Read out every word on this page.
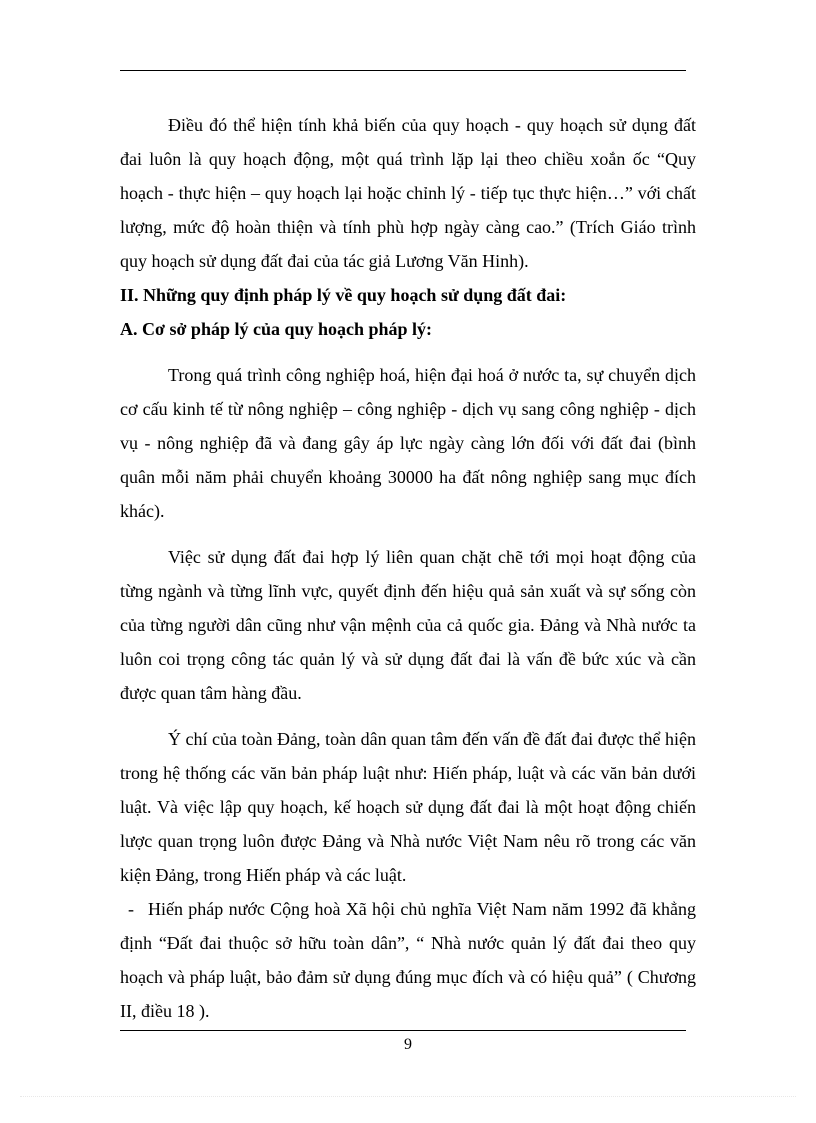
Điều đó thể hiện tính khả biến của quy hoạch - quy hoạch sử dụng đất đai luôn là quy hoạch động, một quá trình lặp lại theo chiều xoắn ốc “Quy hoạch - thực hiện – quy hoạch lại hoặc chỉnh lý - tiếp tục thực hiện…” với chất lượng, mức độ hoàn thiện và tính phù hợp ngày càng cao.” (Trích Giáo trình quy hoạch sử dụng đất đai của tác giả Lương Văn Hinh).

II. Những quy định pháp lý về quy hoạch sử dụng đất đai:

A. Cơ sở pháp lý của quy hoạch pháp lý:

Trong quá trình công nghiệp hoá, hiện đại hoá ở nước ta, sự chuyển dịch cơ cấu kinh tế từ nông nghiệp – công nghiệp - dịch vụ sang công nghiệp - dịch vụ - nông nghiệp đã và đang gây áp lực ngày càng lớn đối với đất đai (bình quân mỗi năm phải chuyển khoảng 30000 ha đất nông nghiệp sang mục đích khác).

Việc sử dụng đất đai hợp lý liên quan chặt chẽ tới mọi hoạt động của từng ngành và từng lĩnh vực, quyết định đến hiệu quả sản xuất và sự sống còn của từng người dân cũng như vận mệnh của cả quốc gia. Đảng và Nhà nước ta luôn coi trọng công tác quản lý và sử dụng đất đai là vấn đề bức xúc và cần được quan tâm hàng đầu.

Ý chí của toàn Đảng, toàn dân quan tâm đến vấn đề đất đai được thể hiện trong hệ thống các văn bản pháp luật như: Hiến pháp, luật và các văn bản dưới luật. Và việc lập quy hoạch, kế hoạch sử dụng đất đai là một hoạt động chiến lược quan trọng luôn được Đảng và Nhà nước Việt Nam nêu rõ trong các văn kiện Đảng, trong Hiến pháp và các luật.

- Hiến pháp nước Cộng hoà Xã hội chủ nghĩa Việt Nam năm 1992 đã khẳng định “Đất đai thuộc sở hữu toàn dân”, “ Nhà nước quản lý đất đai theo quy hoạch và pháp luật, bảo đảm sử dụng đúng mục đích và có hiệu quả” ( Chương II, điều 18 ).

9
